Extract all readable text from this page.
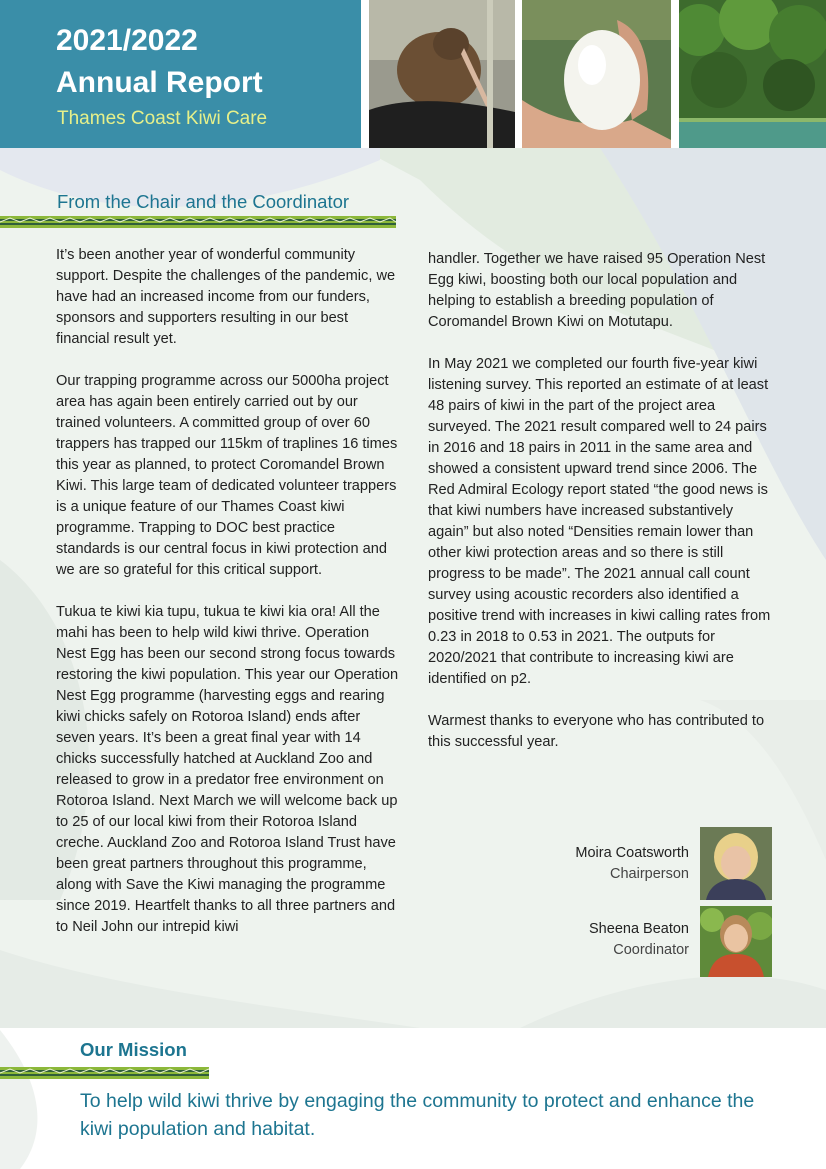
2021/2022
Annual Report
Thames Coast Kiwi Care
From the Chair and the Coordinator

It’s been another year of wonderful community support. Despite the challenges of the pandemic, we have had an increased income from our funders, sponsors and supporters resulting in our best financial result yet.

Our trapping programme across our 5000ha project area has again been entirely carried out by our trained volunteers. A committed group of over 60 trappers has trapped our 115km of traplines 16 times this year as planned, to protect Coromandel Brown Kiwi. This large team of dedicated volunteer trappers is a unique feature of our Thames Coast kiwi programme. Trapping to DOC best practice standards is our central focus in kiwi protection and we are so grateful for this critical support.

Tukua te kiwi kia tupu, tukua te kiwi kia ora! All the mahi has been to help wild kiwi thrive. Operation Nest Egg has been our second strong focus towards restoring the kiwi population. This year our Operation Nest Egg programme (harvesting eggs and rearing kiwi chicks safely on Rotoroa Island) ends after seven years. It’s been a great final year with 14 chicks successfully hatched at Auckland Zoo and released to grow in a predator free environment on Rotoroa Island. Next March we will welcome back up to 25 of our local kiwi from their Rotoroa Island creche. Auckland Zoo and Rotoroa Island Trust have been great partners throughout this programme, along with Save the Kiwi managing the programme since 2019. Heartfelt thanks to all three partners and to Neil John our intrepid kiwi

handler. Together we have raised 95 Operation Nest Egg kiwi, boosting both our local population and helping to establish a breeding population of Coromandel Brown Kiwi on Motutapu.

In May 2021 we completed our fourth five-year kiwi listening survey. This reported an estimate of at least 48 pairs of kiwi in the part of the project area surveyed. The 2021 result compared well to 24 pairs in 2016 and 18 pairs in 2011 in the same area and showed a consistent upward trend since 2006. The Red Admiral Ecology report stated “the good news is that kiwi numbers have increased substantively again” but also noted “Densities remain lower than other kiwi protection areas and so there is still progress to be made”. The 2021 annual call count survey using acoustic recorders also identified a positive trend with increases in kiwi calling rates from 0.23 in 2018 to 0.53 in 2021. The outputs for 2020/2021 that contribute to increasing kiwi are identified on p2.

Warmest thanks to everyone who has contributed to this successful year.

Moira Coatsworth
Chairperson
Sheena Beaton
Coordinator
Our Mission
To help wild kiwi thrive by engaging the community to protect and enhance the kiwi population and habitat.
